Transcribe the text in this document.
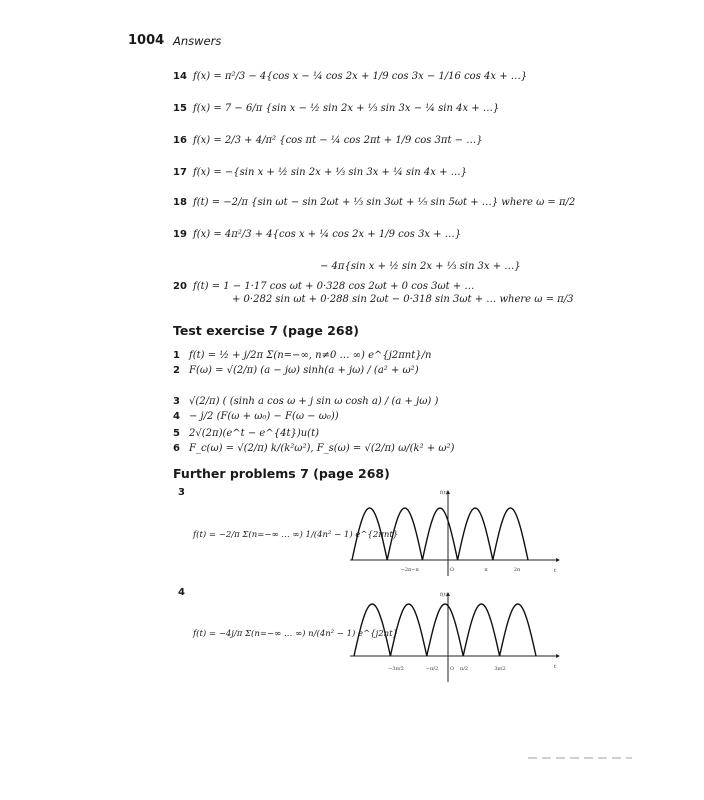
1004 Answers
14 f(x) = π²/3 − 4{cos x − ¼ cos 2x + 1/9 cos 3x − 1/16 cos 4x + …}
15 f(x) = 7 − 6/π {sin x − ½ sin 2x + ⅓ sin 3x − ¼ sin 4x + …}
16 f(x) = 2/3 + 4/π² {cos πt − ¼ cos 2πt + 1/9 cos 3πt − …}
17 f(x) = −{sin x + ½ sin 2x + ⅓ sin 3x + ¼ sin 4x + …}
18 f(t) = −2/π {sin ωt − sin 2ωt + ⅓ sin 3ωt + ⅕ sin 5ωt + …} where ω = π/2
19 f(x) = 4π²/3 + 4{cos x + ¼ cos 2x + 1/9 cos 3x + …}
− 4π{sin x + ½ sin 2x + ⅓ sin 3x + …}
20 f(t) = 1 − 1·17 cos ωt + 0·328 cos 2ωt + 0 cos 3ωt + …
+ 0·282 sin ωt + 0·288 sin 2ωt − 0·318 sin 3ωt + … where ω = π/3
Test exercise 7 (page 268)
1 f(t) = ½ + j/2π Σ(n=−∞, n≠0 … ∞) e^{j2πnt}/n
2 F(ω) = √(2/π) (a − jω) sinh(a + jω) / (a² + ω²)
3 √(2/π) ( (sinh a cos ω + j sin ω cosh a) / (a + jω) )
4 − j/2 (F(ω + ω₀) − F(ω − ω₀))
5 2√(2π)(e^t − e^{4t})u(t)
6 F_c(ω) = √(2/π) k/(k²ω²), F_s(ω) = √(2/π) ω/(k² + ω²)
Further problems 7 (page 268)
3
f(t) = −2/π Σ(n=−∞ … ∞) 1/(4n² − 1) e^{2πnt}
−2π −π	O	π	2π
f(t)
t
4
f(t) = −4j/π Σ(n=−∞ … ∞) n/(4n² − 1) e^{j2nt}
−3π/2	−π/2 O π/2	3π/2
f(t)
t
